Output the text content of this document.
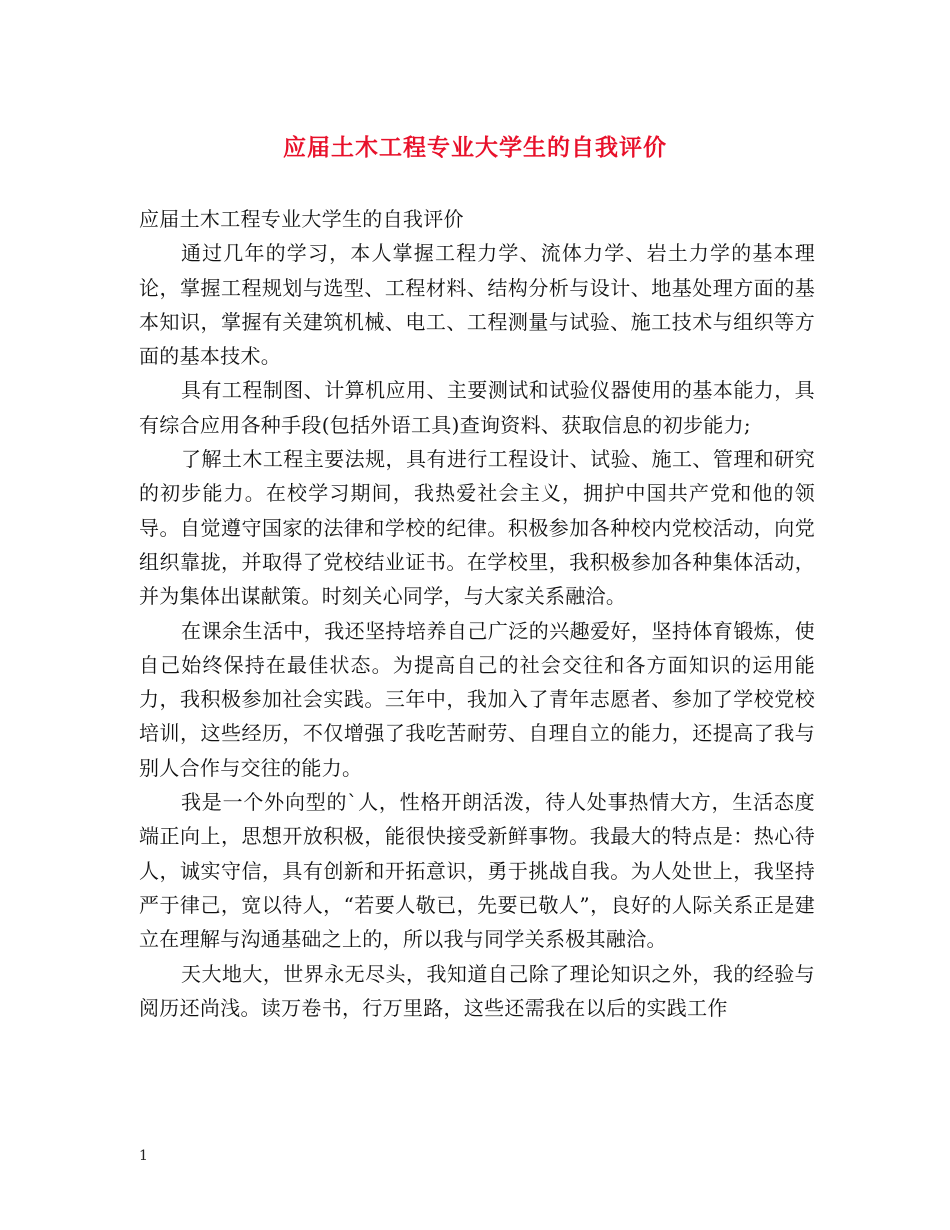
应届土木工程专业大学生的自我评价

应届土木工程专业大学生的自我评价

通过几年的学习，本人掌握工程力学、流体力学、岩土力学的基本理论，掌握工程规划与选型、工程材料、结构分析与设计、地基处理方面的基本知识，掌握有关建筑机械、电工、工程测量与试验、施工技术与组织等方面的基本技术。

具有工程制图、计算机应用、主要测试和试验仪器使用的基本能力，具有综合应用各种手段(包括外语工具)查询资料、获取信息的初步能力;

了解土木工程主要法规，具有进行工程设计、试验、施工、管理和研究的初步能力。在校学习期间，我热爱社会主义，拥护中国共产党和他的领导。自觉遵守国家的法律和学校的纪律。积极参加各种校内党校活动，向党组织靠拢，并取得了党校结业证书。在学校里，我积极参加各种集体活动，并为集体出谋献策。时刻关心同学，与大家关系融洽。

在课余生活中，我还坚持培养自己广泛的兴趣爱好，坚持体育锻炼，使自己始终保持在最佳状态。为提高自己的社会交往和各方面知识的运用能力，我积极参加社会实践。三年中，我加入了青年志愿者、参加了学校党校培训，这些经历，不仅增强了我吃苦耐劳、自理自立的能力，还提高了我与别人合作与交往的能力。

我是一个外向型的`人，性格开朗活泼，待人处事热情大方，生活态度端正向上，思想开放积极，能很快接受新鲜事物。我最大的特点是：热心待人，诚实守信，具有创新和开拓意识，勇于挑战自我。为人处世上，我坚持严于律己，宽以待人，“若要人敬已，先要已敬人”，良好的人际关系正是建立在理解与沟通基础之上的，所以我与同学关系极其融洽。

天大地大，世界永无尽头，我知道自己除了理论知识之外，我的经验与阅历还尚浅。读万卷书，行万里路，这些还需我在以后的实践工作

1
